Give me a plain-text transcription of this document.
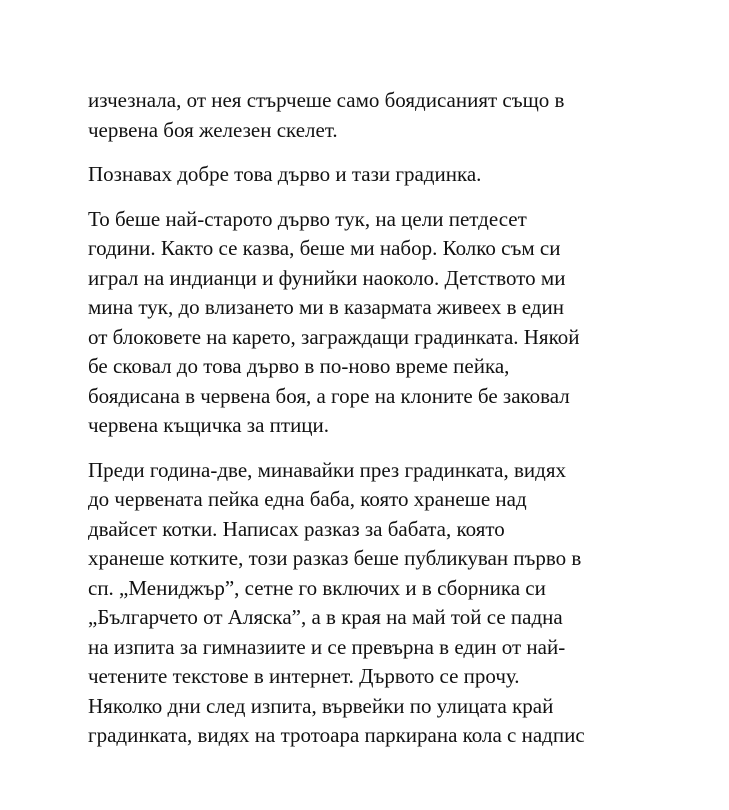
изчезнала, от нея стърчеше само боядисаният също в
червена боя железен скелет.
Познавах добре това дърво и тази градинка.
То беше най-старото дърво тук, на цели петдесет
години. Както се казва, беше ми набор. Колко съм си
играл на индианци и фунийки наоколо. Детството ми
мина тук, до влизането ми в казармата живеех в един
от блоковете на карето, заграждащи градинката. Някой
бе сковал до това дърво в по-ново време пейка,
боядисана в червена боя, а горе на клоните бе заковал
червена къщичка за птици.
Преди година-две, минавайки през градинката, видях
до червената пейка една баба, която хранеше над
двайсет котки. Написах разказ за бабата, която
хранеше котките, този разказ беше публикуван първо в
сп. „Мениджър”, сетне го включих и в сборника си
„Българчето от Аляска”, а в края на май той се падна
на изпита за гимназиите и се превърна в един от най-
четените текстове в интернет. Дървото се прочу.
Няколко дни след изпита, вървейки по улицата край
градинката, видях на тротоара паркирана кола с надпис
